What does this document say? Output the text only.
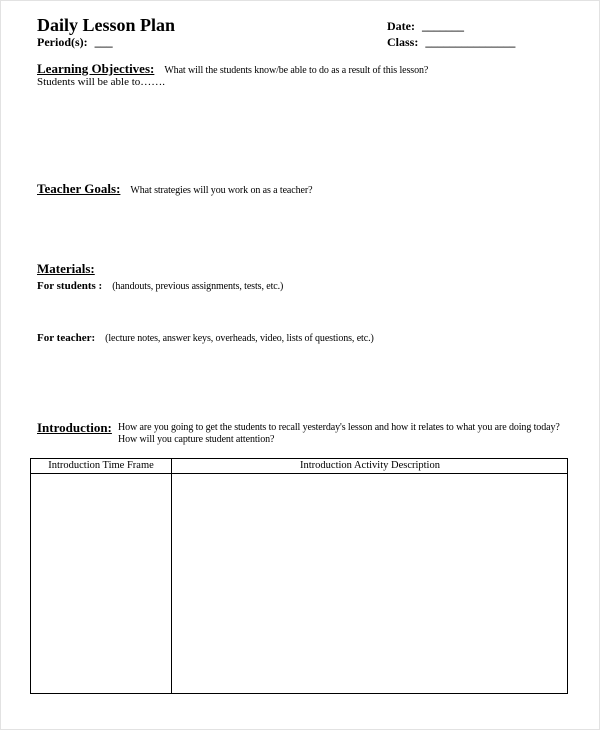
Daily Lesson Plan
Period(s): ___
Date: _______
Class: _______________
Learning Objectives: What will the students know/be able to do as a result of this lesson?
Students will be able to…….
Teacher Goals: What strategies will you work on as a teacher?
Materials:
For students : (handouts, previous assignments, tests, etc.)
For teacher: (lecture notes, answer keys, overheads, video, lists of questions, etc.)
Introduction: How are you going to get the students to recall yesterday's lesson and how it relates to what you are doing today?
How will you capture student attention?
Introduction Time Frame	Introduction Activity Description
